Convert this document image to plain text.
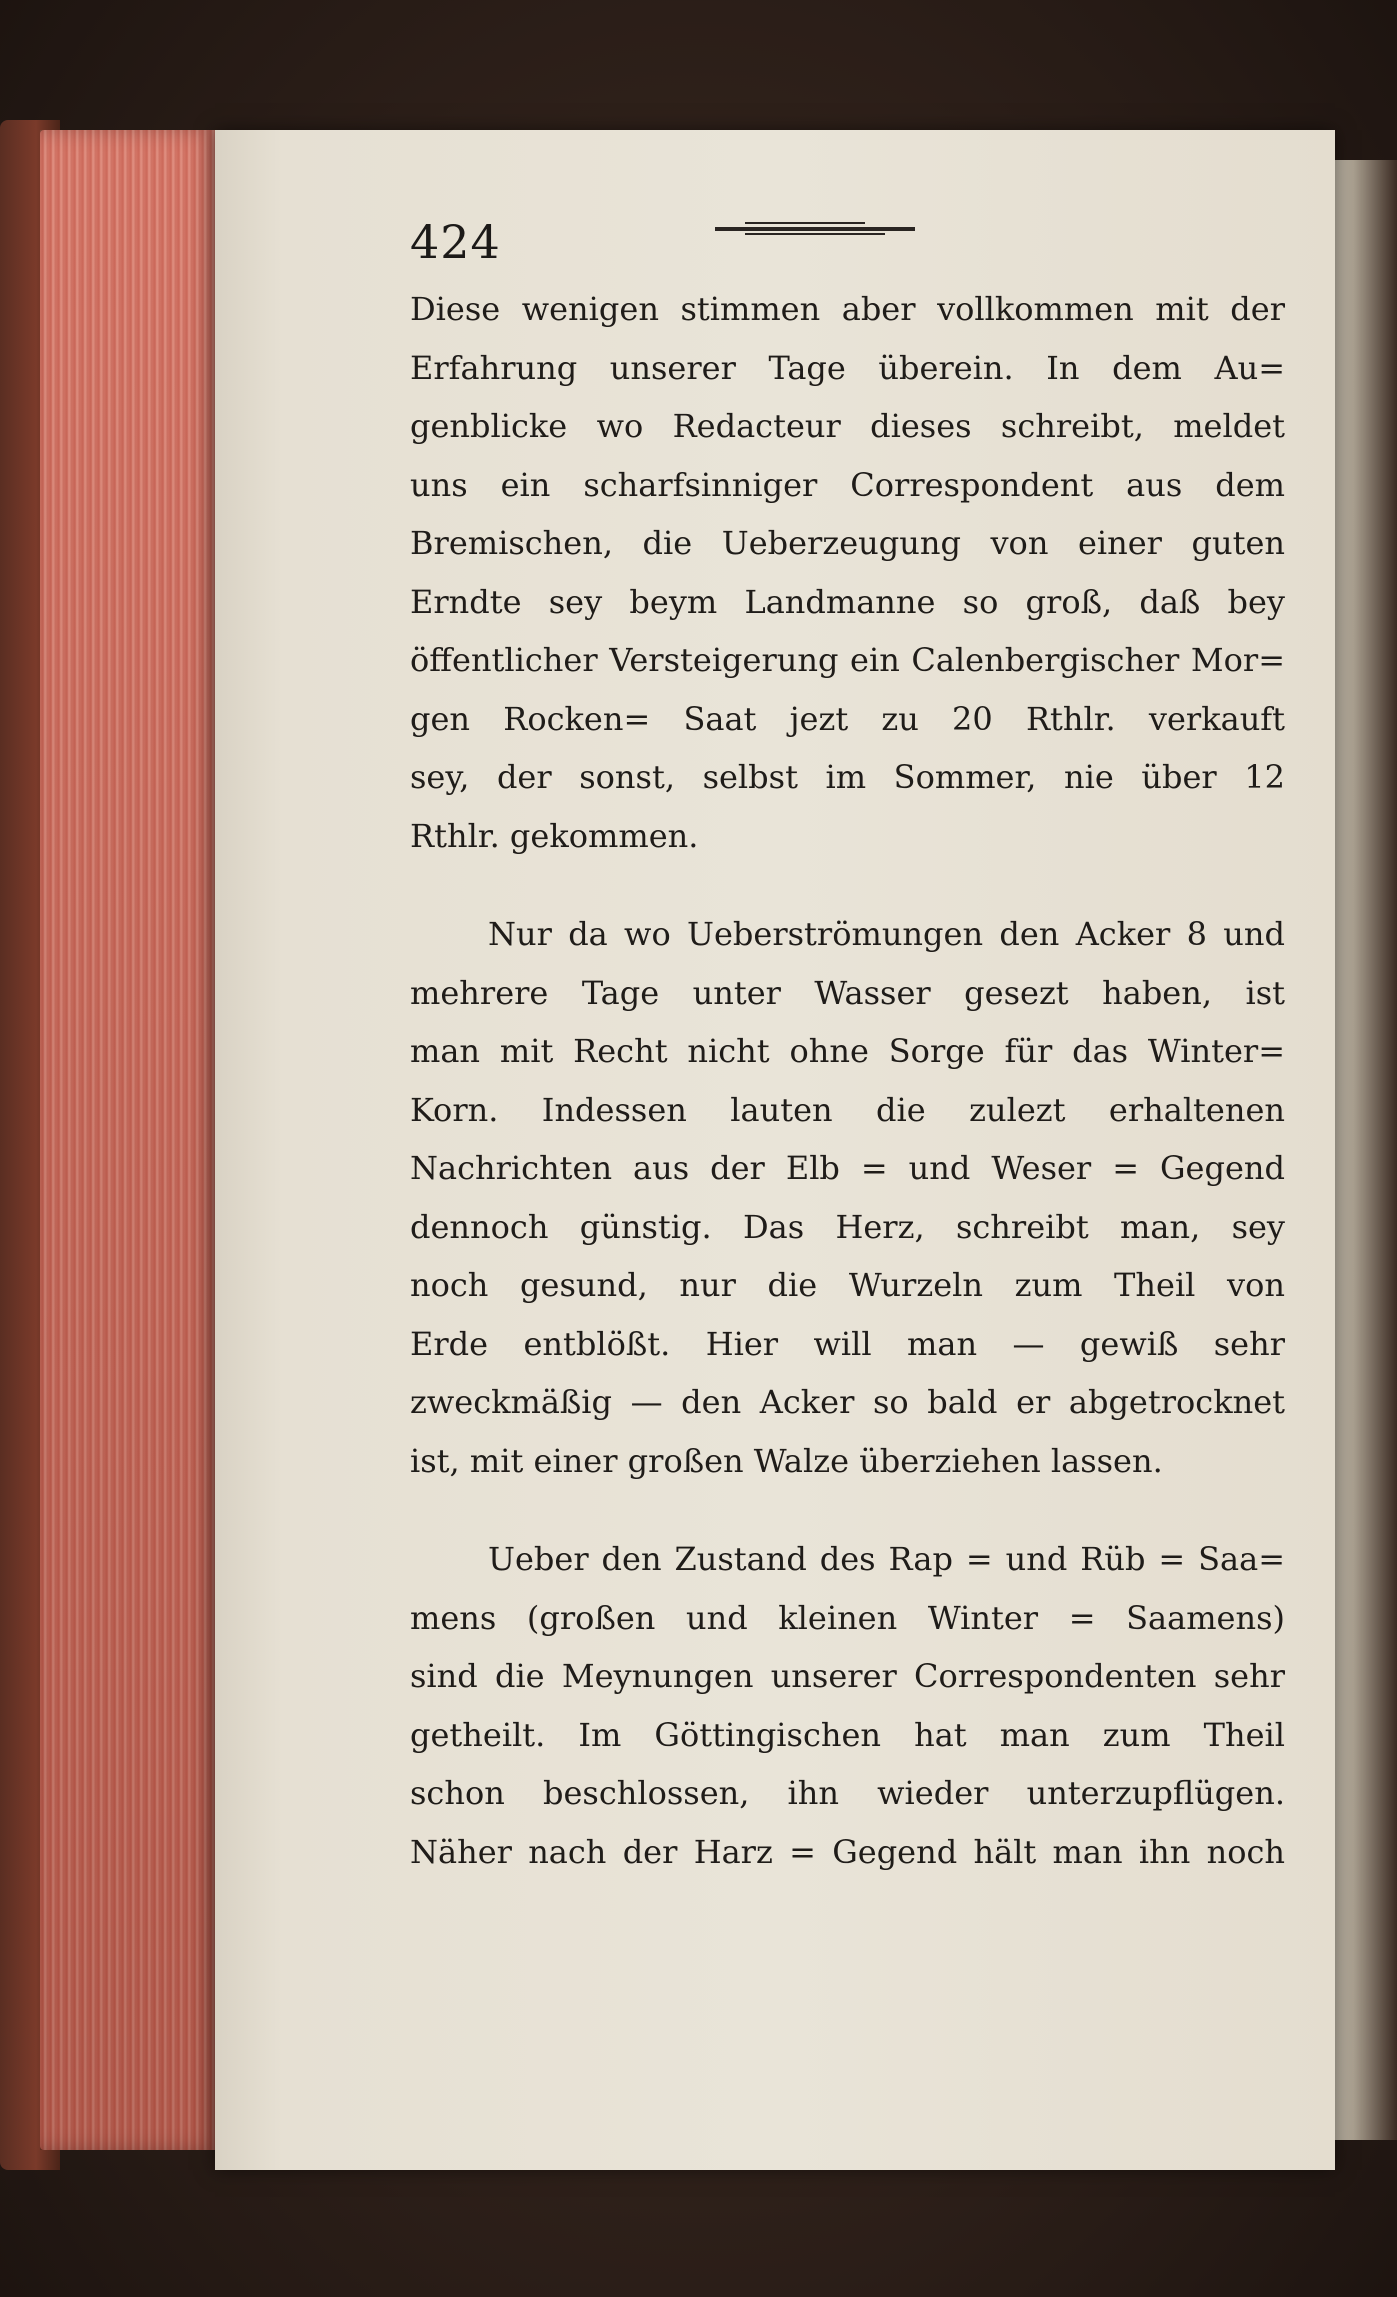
424
Diese wenigen stimmen aber vollkommen mit der
Erfahrung unserer Tage überein. In dem Au=
genblicke wo Redacteur dieses schreibt, meldet
uns ein scharfsinniger Correspondent aus dem
Bremischen, die Ueberzeugung von einer guten
Erndte sey beym Landmanne so groß, daß bey
öffentlicher Versteigerung ein Calenbergischer Mor=
gen Rocken= Saat jezt zu 20 Rthlr. verkauft
sey, der sonst, selbst im Sommer, nie über 12
Rthlr. gekommen.
Nur da wo Ueberströmungen den Acker 8 und
mehrere Tage unter Wasser gesezt haben, ist
man mit Recht nicht ohne Sorge für das Winter=
Korn. Indessen lauten die zulezt erhaltenen
Nachrichten aus der Elb = und Weser = Gegend
dennoch günstig. Das Herz, schreibt man, sey
noch gesund, nur die Wurzeln zum Theil von
Erde entblößt. Hier will man — gewiß sehr
zweckmäßig — den Acker so bald er abgetrocknet
ist, mit einer großen Walze überziehen lassen.
Ueber den Zustand des Rap = und Rüb = Saa=
mens (großen und kleinen Winter = Saamens)
sind die Meynungen unserer Correspondenten sehr
getheilt. Im Göttingischen hat man zum Theil
schon beschlossen, ihn wieder unterzupflügen.
Näher nach der Harz = Gegend hält man ihn noch
